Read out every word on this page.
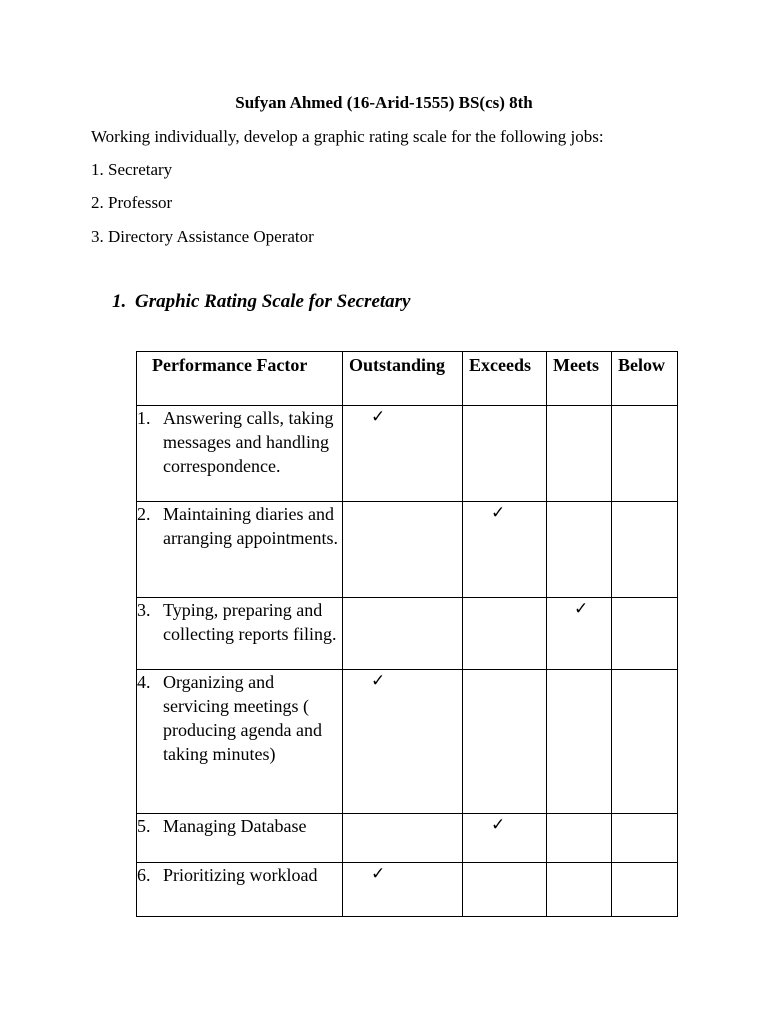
Sufyan Ahmed (16-Arid-1555) BS(cs) 8th
Working individually, develop a graphic rating scale for the following jobs:
1. Secretary
2. Professor
3. Directory Assistance Operator
1. Graphic Rating Scale for Secretary
Performance Factor	Outstanding	Exceeds	Meets	Below

1. Answering calls, taking messages and handling correspondence.	✓			

2. Maintaining diaries and arranging appointments.		✓		

3. Typing, preparing and collecting reports filing.			✓	

4. Organizing and servicing meetings ( producing agenda and taking minutes)	✓			

5. Managing Database		✓		

6. Prioritizing workload	✓			
